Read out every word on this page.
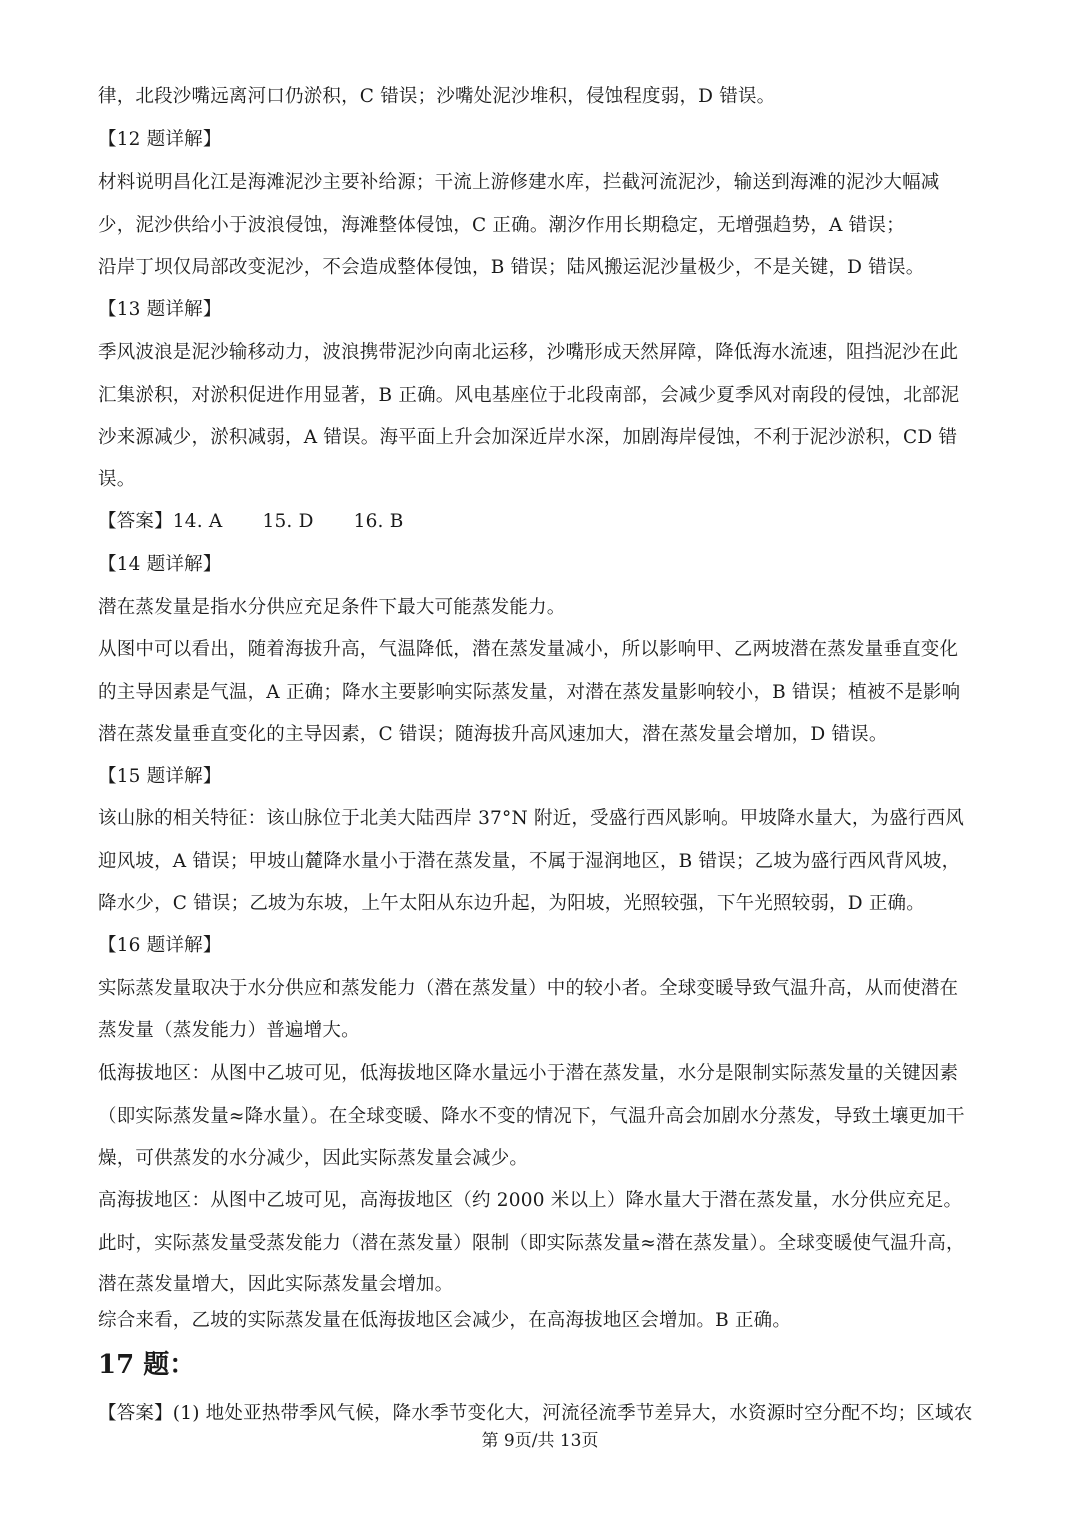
律，北段沙嘴远离河口仍淤积，C 错误；沙嘴处泥沙堆积，侵蚀程度弱，D 错误。
【12 题详解】
材料说明昌化江是海滩泥沙主要补给源；干流上游修建水库，拦截河流泥沙，输送到海滩的泥沙大幅减
少，泥沙供给小于波浪侵蚀，海滩整体侵蚀，C 正确。潮汐作用长期稳定，无增强趋势，A 错误；
沿岸丁坝仅局部改变泥沙，不会造成整体侵蚀，B 错误；陆风搬运泥沙量极少，不是关键，D 错误。
【13 题详解】
季风波浪是泥沙输移动力，波浪携带泥沙向南北运移，沙嘴形成天然屏障，降低海水流速，阻挡泥沙在此
汇集淤积，对淤积促进作用显著，B 正确。风电基座位于北段南部，会减少夏季风对南段的侵蚀，北部泥
沙来源减少，淤积减弱，A 错误。海平面上升会加深近岸水深，加剧海岸侵蚀，不利于泥沙淤积，CD 错
误。
【答案】14. A 15. D 16. B
【14 题详解】
潜在蒸发量是指水分供应充足条件下最大可能蒸发能力。
从图中可以看出，随着海拔升高，气温降低，潜在蒸发量减小，所以影响甲、乙两坡潜在蒸发量垂直变化
的主导因素是气温，A 正确；降水主要影响实际蒸发量，对潜在蒸发量影响较小，B 错误；植被不是影响
潜在蒸发量垂直变化的主导因素，C 错误；随海拔升高风速加大，潜在蒸发量会增加，D 错误。
【15 题详解】
该山脉的相关特征：该山脉位于北美大陆西岸 37°N 附近，受盛行西风影响。甲坡降水量大，为盛行西风
迎风坡，A 错误；甲坡山麓降水量小于潜在蒸发量，不属于湿润地区，B 错误；乙坡为盛行西风背风坡，
降水少，C 错误；乙坡为东坡，上午太阳从东边升起，为阳坡，光照较强，下午光照较弱，D 正确。
【16 题详解】
实际蒸发量取决于水分供应和蒸发能力（潜在蒸发量）中的较小者。全球变暖导致气温升高，从而使潜在
蒸发量（蒸发能力）普遍增大。
低海拔地区：从图中乙坡可见，低海拔地区降水量远小于潜在蒸发量，水分是限制实际蒸发量的关键因素
（即实际蒸发量≈降水量）。在全球变暖、降水不变的情况下，气温升高会加剧水分蒸发，导致土壤更加干
燥，可供蒸发的水分减少，因此实际蒸发量会减少。
高海拔地区：从图中乙坡可见，高海拔地区（约 2000 米以上）降水量大于潜在蒸发量，水分供应充足。
此时，实际蒸发量受蒸发能力（潜在蒸发量）限制（即实际蒸发量≈潜在蒸发量）。全球变暖使气温升高，
潜在蒸发量增大，因此实际蒸发量会增加。
综合来看，乙坡的实际蒸发量在低海拔地区会减少，在高海拔地区会增加。B 正确。
17 题：
【答案】(1) 地处亚热带季风气候，降水季节变化大，河流径流季节差异大，水资源时空分配不均；区域农
第 9页/共 13页
